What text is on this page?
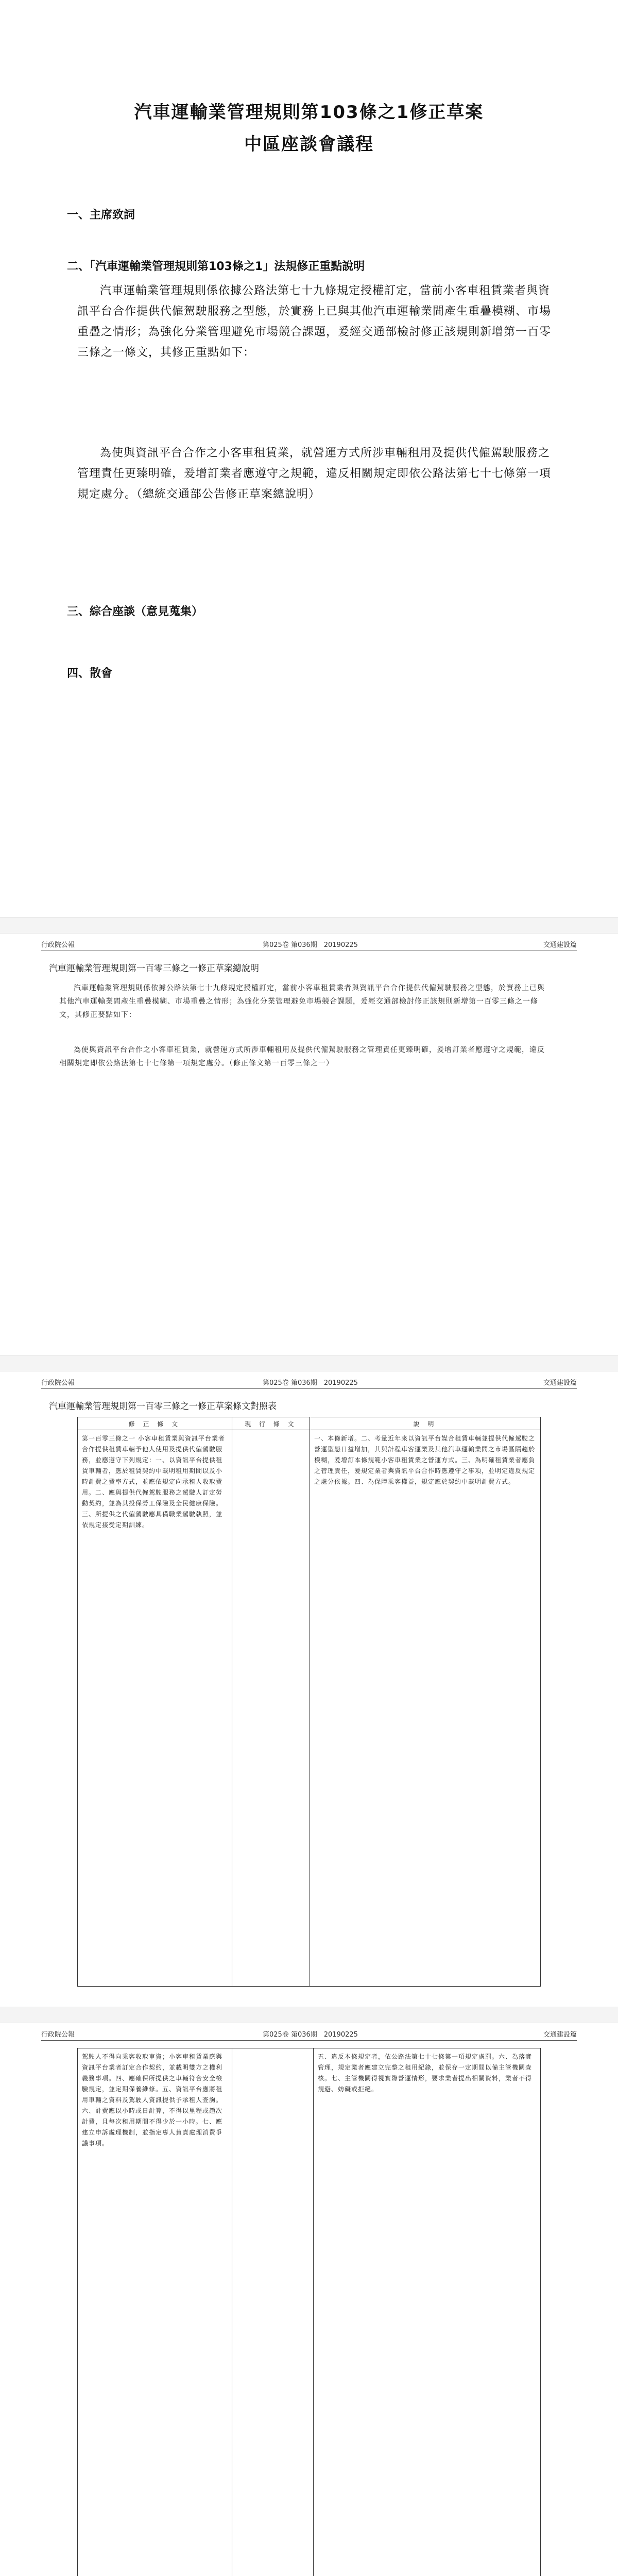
汽車運輸業管理規則第103條之1修正草案
中區座談會議程
一、主席致詞
二、「汽車運輸業管理規則第103條之1」法規修正重點說明
汽車運輸業管理規則係依據公路法第七十九條規定授權訂定，當前小客車租賃業者與資訊平台合作提供代僱駕駛服務之型態，於實務上已與其他汽車運輸業間產生重疊模糊、市場重疊之情形；為強化分業管理避免市場競合課題，爰經交通部檢討修正該規則新增第一百零三條之一條文，其修正重點如下：
為使與資訊平台合作之小客車租賃業，就營運方式所涉車輛租用及提供代僱駕駛服務之管理責任更臻明確，爰增訂業者應遵守之規範，違反相關規定即依公路法第七十七條第一項規定處分。（總統交通部公告修正草案總說明）
三、綜合座談（意見蒐集）
四、散會
行政院公報	第025卷 第036期　 20190225	交通建設篇
汽車運輸業管理規則第一百零三條之一修正草案總說明
汽車運輸業管理規則係依據公路法第七十九條規定授權訂定，當前小客車租賃業者與資訊平台合作提供代僱駕駛服務之型態，於實務上已與其他汽車運輸業間產生重疊模糊、市場重疊之情形；為強化分業管理避免市場競合課題，爰經交通部檢討修正該規則新增第一百零三條之一條文，其修正要點如下：
為使與資訊平台合作之小客車租賃業，就營運方式所涉車輛租用及提供代僱駕駛服務之管理責任更臻明確，爰增訂業者應遵守之規範，違反相關規定即依公路法第七十七條第一項規定處分。（修正條文第一百零三條之一）
行政院公報	第025卷 第036期　 20190225	交通建設篇
汽車運輸業管理規則第一百零三條之一修正草案條文對照表
修 正 條 文	現 行 條 文	說 明
第一百零三條之一 小客車租賃業與資訊平台業者合作提供租賃車輛予他人使用及提供代僱駕駛服務，並應遵守下列規定：一、以資訊平台提供租賃車輛者，應於租賃契約中載明租用期間以及小時計費之費率方式，並應依規定向承租人收取費用。二、應與提供代僱駕駛服務之駕駛人訂定勞動契約，並為其投保勞工保險及全民健康保險。三、所提供之代僱駕駛應具備職業駕駛執照，並依規定接受定期訓練。		一、本條新增。二、考量近年來以資訊平台媒合租賃車輛並提供代僱駕駛之營運型態日益增加，其與計程車客運業及其他汽車運輸業間之市場區隔趨於模糊，爰增訂本條規範小客車租賃業之營運方式。三、為明確租賃業者應負之管理責任，爰規定業者與資訊平台合作時應遵守之事項，並明定違反規定之處分依據。四、為保障乘客權益，規定應於契約中載明計費方式。
行政院公報	第025卷 第036期　 20190225	交通建設篇
駕駛人不得向乘客收取車資；小客車租賃業應與資訊平台業者訂定合作契約，並載明雙方之權利義務事項。四、應確保所提供之車輛符合安全檢驗規定，並定期保養維修。五、資訊平台應將租用車輛之資料及駕駛人資訊提供予承租人查詢。六、計費應以小時或日計算，不得以里程或趟次計費，且每次租用期間不得少於一小時。七、應建立申訴處理機制，並指定專人負責處理消費爭議事項。		五、違反本條規定者，依公路法第七十七條第一項規定處罰。六、為落實管理，規定業者應建立完整之租用紀錄，並保存一定期間以備主管機關查核。七、主管機關得視實際營運情形，要求業者提出相關資料，業者不得規避、妨礙或拒絕。
